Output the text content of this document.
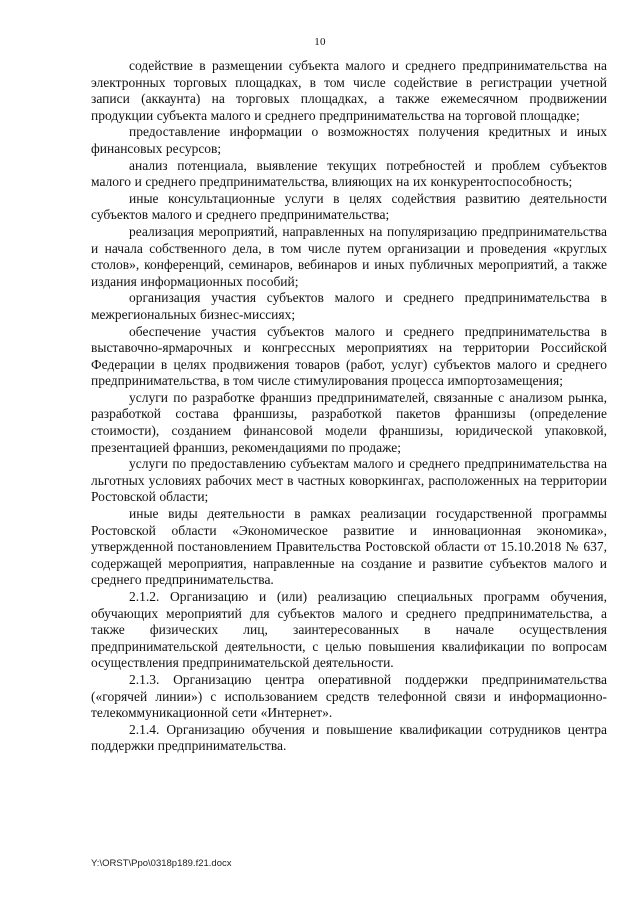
10

содействие в размещении субъекта малого и среднего предпринимательства на электронных торговых площадках, в том числе содействие в регистрации учетной записи (аккаунта) на торговых площадках, а также ежемесячном продвижении продукции субъекта малого и среднего предпринимательства на торговой площадке;

предоставление информации о возможностях получения кредитных и иных финансовых ресурсов;

анализ потенциала, выявление текущих потребностей и проблем субъектов малого и среднего предпринимательства, влияющих на их конкурентоспособность;

иные консультационные услуги в целях содействия развитию деятельности субъектов малого и среднего предпринимательства;

реализация мероприятий, направленных на популяризацию предпринимательства и начала собственного дела, в том числе путем организации и проведения «круглых столов», конференций, семинаров, вебинаров и иных публичных мероприятий, а также издания информационных пособий;

организация участия субъектов малого и среднего предпринимательства в межрегиональных бизнес-миссиях;

обеспечение участия субъектов малого и среднего предпринимательства в выставочно-ярмарочных и конгрессных мероприятиях на территории Российской Федерации в целях продвижения товаров (работ, услуг) субъектов малого и среднего предпринимательства, в том числе стимулирования процесса импортозамещения;

услуги по разработке франшиз предпринимателей, связанные с анализом рынка, разработкой состава франшизы, разработкой пакетов франшизы (определение стоимости), созданием финансовой модели франшизы, юридической упаковкой, презентацией франшиз, рекомендациями по продаже;

услуги по предоставлению субъектам малого и среднего предпринимательства на льготных условиях рабочих мест в частных коворкингах, расположенных на территории Ростовской области;

иные виды деятельности в рамках реализации государственной программы Ростовской области «Экономическое развитие и инновационная экономика», утвержденной постановлением Правительства Ростовской области от 15.10.2018 № 637, содержащей мероприятия, направленные на создание и развитие субъектов малого и среднего предпринимательства.

2.1.2. Организацию и (или) реализацию специальных программ обучения, обучающих мероприятий для субъектов малого и среднего предпринимательства, а также физических лиц, заинтересованных в начале осуществления предпринимательской деятельности, с целью повышения квалификации по вопросам осуществления предпринимательской деятельности.

2.1.3. Организацию центра оперативной поддержки предпринимательства («горячей линии») с использованием средств телефонной связи и информационно-телекоммуникационной сети «Интернет».

2.1.4. Организацию обучения и повышение квалификации сотрудников центра поддержки предпринимательства.

Y:\ORST\Ppo\0318p189.f21.docx
